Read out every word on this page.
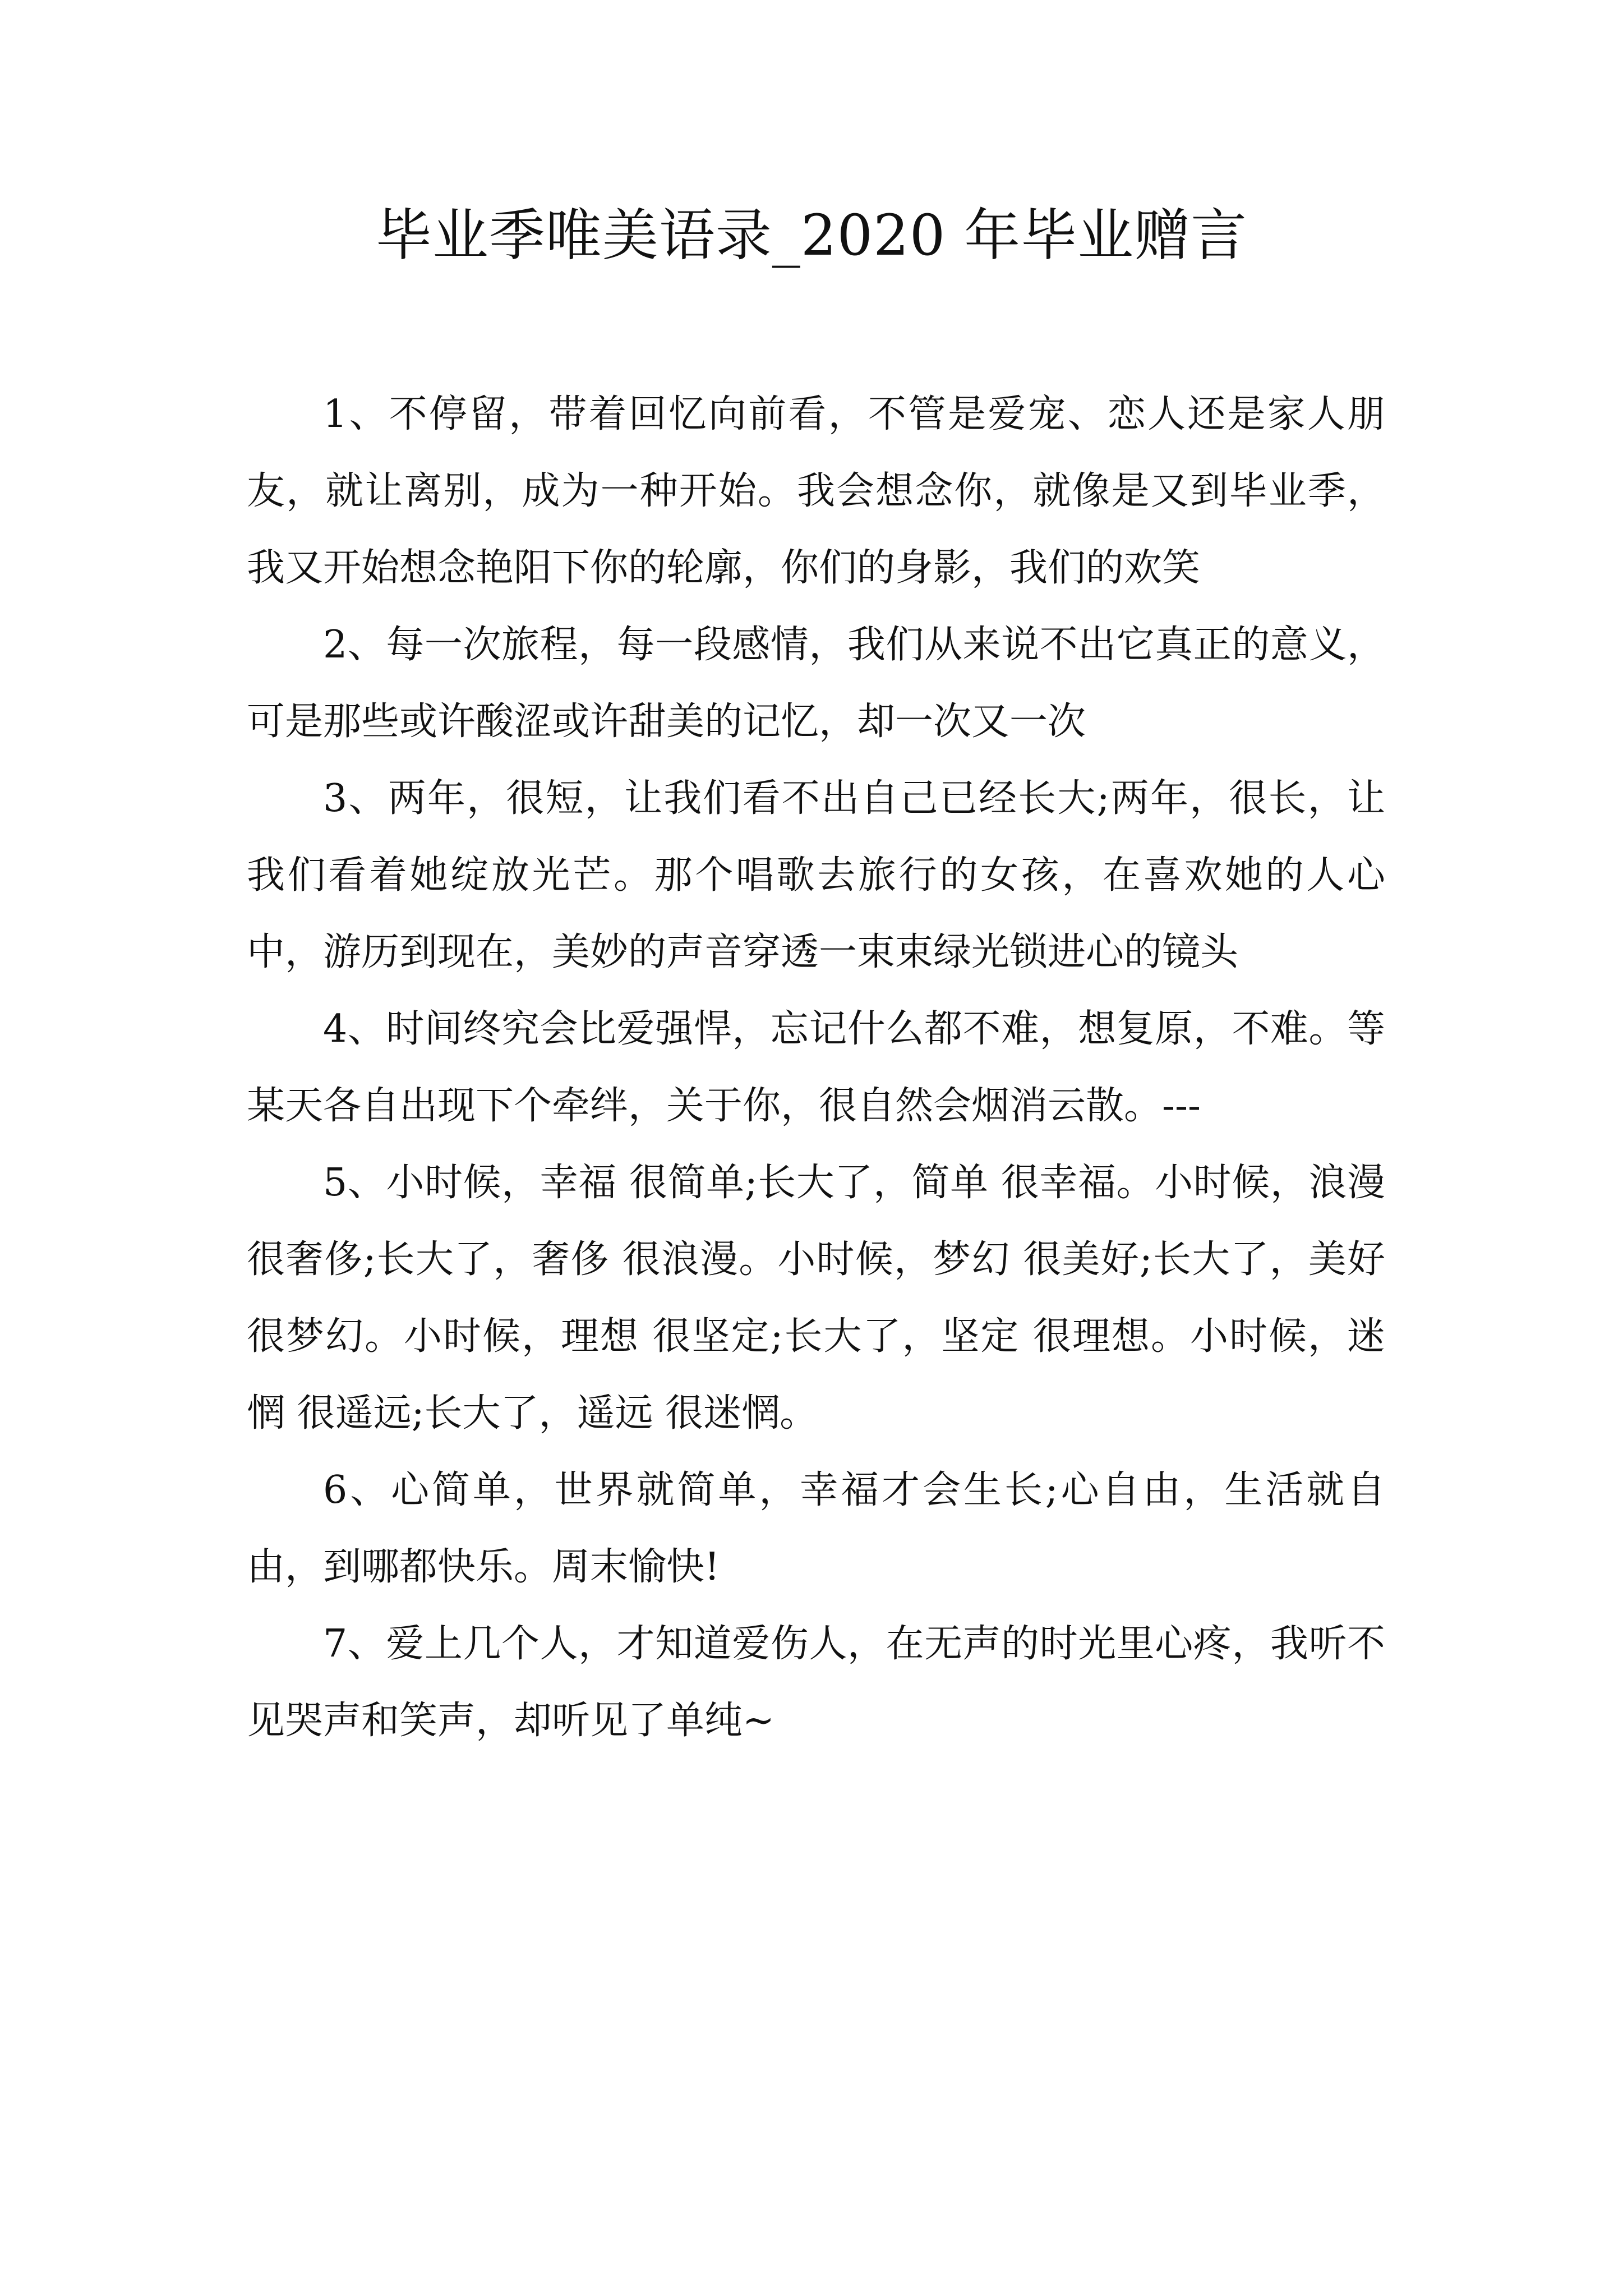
毕业季唯美语录_2020 年毕业赠言

1、不停留，带着回忆向前看，不管是爱宠、恋人还是家人朋友，就让离别，成为一种开始。我会想念你，就像是又到毕业季，我又开始想念艳阳下你的轮廓，你们的身影，我们的欢笑

2、每一次旅程，每一段感情，我们从来说不出它真正的意义，  可是那些或许酸涩或许甜美的记忆，却一次又一次

3、两年，很短，让我们看不出自己已经长大;两年，很长，让我们看着她绽放光芒。那个唱歌去旅行的女孩，在喜欢她的人心中，游历到现在，美妙的声音穿透一束束绿光锁进心的镜头

4、时间终究会比爱强悍，忘记什么都不难，想复原，不难。等某天各自出现下个牵绊，关于你，很自然会烟消云散。---

5、小时候，幸福 很简单;长大了，简单 很幸福。小时候，浪漫 很奢侈;长大了，奢侈 很浪漫。小时候，梦幻 很美好;长大了，美好 很梦幻。小时候，理想 很坚定;长大了，坚定 很理想。小时候，迷惘 很遥远;长大了，遥远 很迷惘。

6、心简单，世界就简单，幸福才会生长;心自由，生活就自由，到哪都快乐。周末愉快!

7、爱上几个人，才知道爱伤人，在无声的时光里心疼，我听不见哭声和笑声，却听见了单纯~
